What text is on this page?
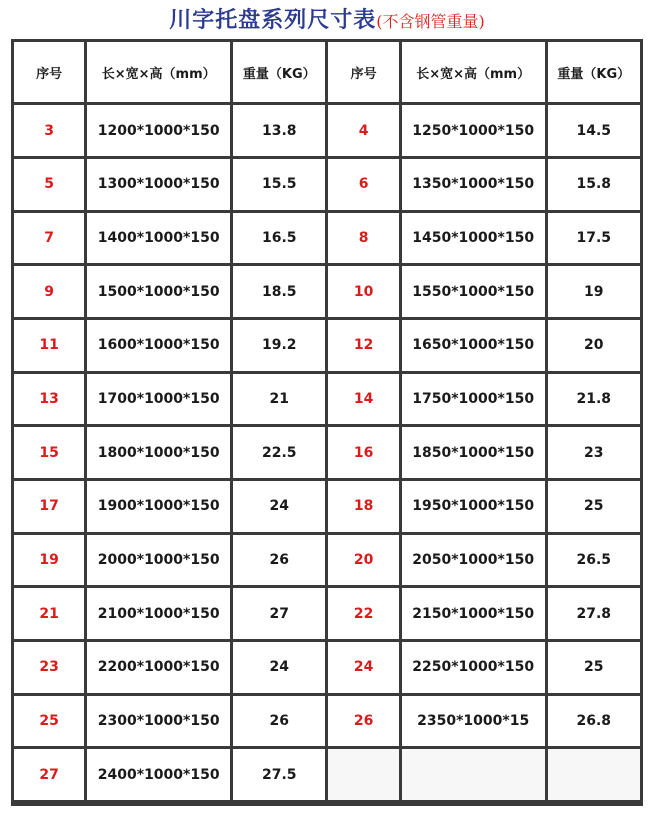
川字托盘系列尺寸表(不含钢管重量)
序号	长×宽×高（mm）	重量（KG）	序号	长×宽×高（mm）	重量（KG）
3	1200*1000*150	13.8	4	1250*1000*150	14.5
5	1300*1000*150	15.5	6	1350*1000*150	15.8
7	1400*1000*150	16.5	8	1450*1000*150	17.5
9	1500*1000*150	18.5	10	1550*1000*150	19
11	1600*1000*150	19.2	12	1650*1000*150	20
13	1700*1000*150	21	14	1750*1000*150	21.8
15	1800*1000*150	22.5	16	1850*1000*150	23
17	1900*1000*150	24	18	1950*1000*150	25
19	2000*1000*150	26	20	2050*1000*150	26.5
21	2100*1000*150	27	22	2150*1000*150	27.8
23	2200*1000*150	24	24	2250*1000*150	25
25	2300*1000*150	26	26	2350*1000*15	26.8
27	2400*1000*150	27.5			
